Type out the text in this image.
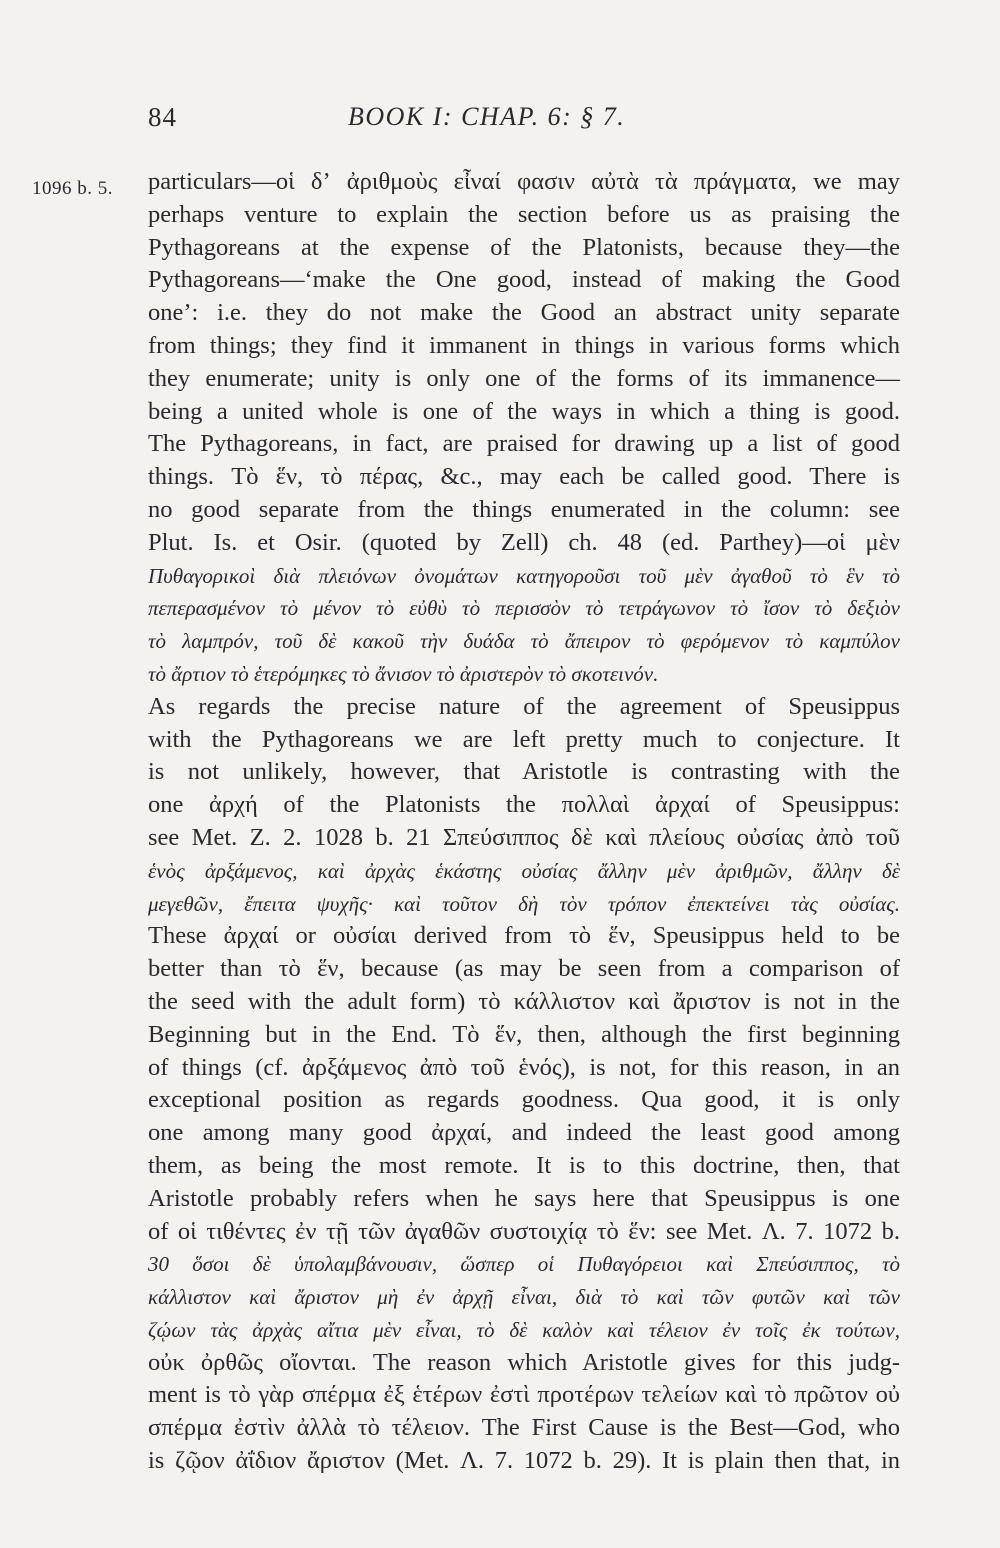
84	BOOK I: CHAP. 6: § 7.
1096 b. 5. particulars—οἱ δʼ ἀριθμοὺς εἶναί φασιν αὐτὰ τὰ πράγματα, we may
perhaps venture to explain the section before us as praising the
Pythagoreans at the expense of the Platonists, because they—the
Pythagoreans—‘make the One good, instead of making the Good
one’: i.e. they do not make the Good an abstract unity separate
from things; they find it immanent in things in various forms which
they enumerate; unity is only one of the forms of its immanence—
being a united whole is one of the ways in which a thing is good.
The Pythagoreans, in fact, are praised for drawing up a list of good
things. Τὸ ἕν, τὸ πέρας, &c., may each be called good. There is
no good separate from the things enumerated in the column: see
Plut. Is. et Osir. (quoted by Zell) ch. 48 (ed. Parthey)—οἱ μὲν
Πυθαγορικοὶ διὰ πλειόνων ὀνομάτων κατηγοροῦσι τοῦ μὲν ἀγαθοῦ τὸ ἓν τὸ
πεπερασμένον τὸ μένον τὸ εὐθὺ τὸ περισσὸν τὸ τετράγωνον τὸ ἴσον τὸ δεξιὸν
τὸ λαμπρόν, τοῦ δὲ κακοῦ τὴν δυάδα τὸ ἄπειρον τὸ φερόμενον τὸ καμπύλον
τὸ ἄρτιον τὸ ἑτερόμηκες τὸ ἄνισον τὸ ἀριστερὸν τὸ σκοτεινόν.
As regards the precise nature of the agreement of Speusippus
with the Pythagoreans we are left pretty much to conjecture. It
is not unlikely, however, that Aristotle is contrasting with the
one ἀρχή of the Platonists the πολλαὶ ἀρχαί of Speusippus:
see Met. Z. 2. 1028 b. 21 Σπεύσιππος δὲ καὶ πλείους οὐσίας ἀπὸ τοῦ
ἑνὸς ἀρξάμενος, καὶ ἀρχὰς ἑκάστης οὐσίας ἄλλην μὲν ἀριθμῶν, ἄλλην δὲ
μεγεθῶν, ἔπειτα ψυχῆς· καὶ τοῦτον δὴ τὸν τρόπον ἐπεκτείνει τὰς οὐσίας.
These ἀρχαί or οὐσίαι derived from τὸ ἕν, Speusippus held to be
better than τὸ ἕν, because (as may be seen from a comparison of
the seed with the adult form) τὸ κάλλιστον καὶ ἄριστον is not in the
Beginning but in the End. Τὸ ἕν, then, although the first beginning
of things (cf. ἀρξάμενος ἀπὸ τοῦ ἑνός), is not, for this reason, in an
exceptional position as regards goodness. Qua good, it is only
one among many good ἀρχαί, and indeed the least good among
them, as being the most remote. It is to this doctrine, then, that
Aristotle probably refers when he says here that Speusippus is one
of οἱ τιθέντες ἐν τῇ τῶν ἀγαθῶν συστοιχίᾳ τὸ ἕν: see Met. Λ. 7. 1072 b.
30 ὅσοι δὲ ὑπολαμβάνουσιν, ὥσπερ οἱ Πυθαγόρειοι καὶ Σπεύσιππος, τὸ
κάλλιστον καὶ ἄριστον μὴ ἐν ἀρχῇ εἶναι, διὰ τὸ καὶ τῶν φυτῶν καὶ τῶν
ζῴων τὰς ἀρχὰς αἴτια μὲν εἶναι, τὸ δὲ καλὸν καὶ τέλειον ἐν τοῖς ἐκ τούτων,
οὐκ ὀρθῶς οἴονται. The reason which Aristotle gives for this judg-
ment is τὸ γὰρ σπέρμα ἐξ ἑτέρων ἐστὶ προτέρων τελείων καὶ τὸ πρῶτον οὐ
σπέρμα ἐστὶν ἀλλὰ τὸ τέλειον. The First Cause is the Best—God, who
is ζῷον ἀΐδιον ἄριστον (Met. Λ. 7. 1072 b. 29). It is plain then that, in
